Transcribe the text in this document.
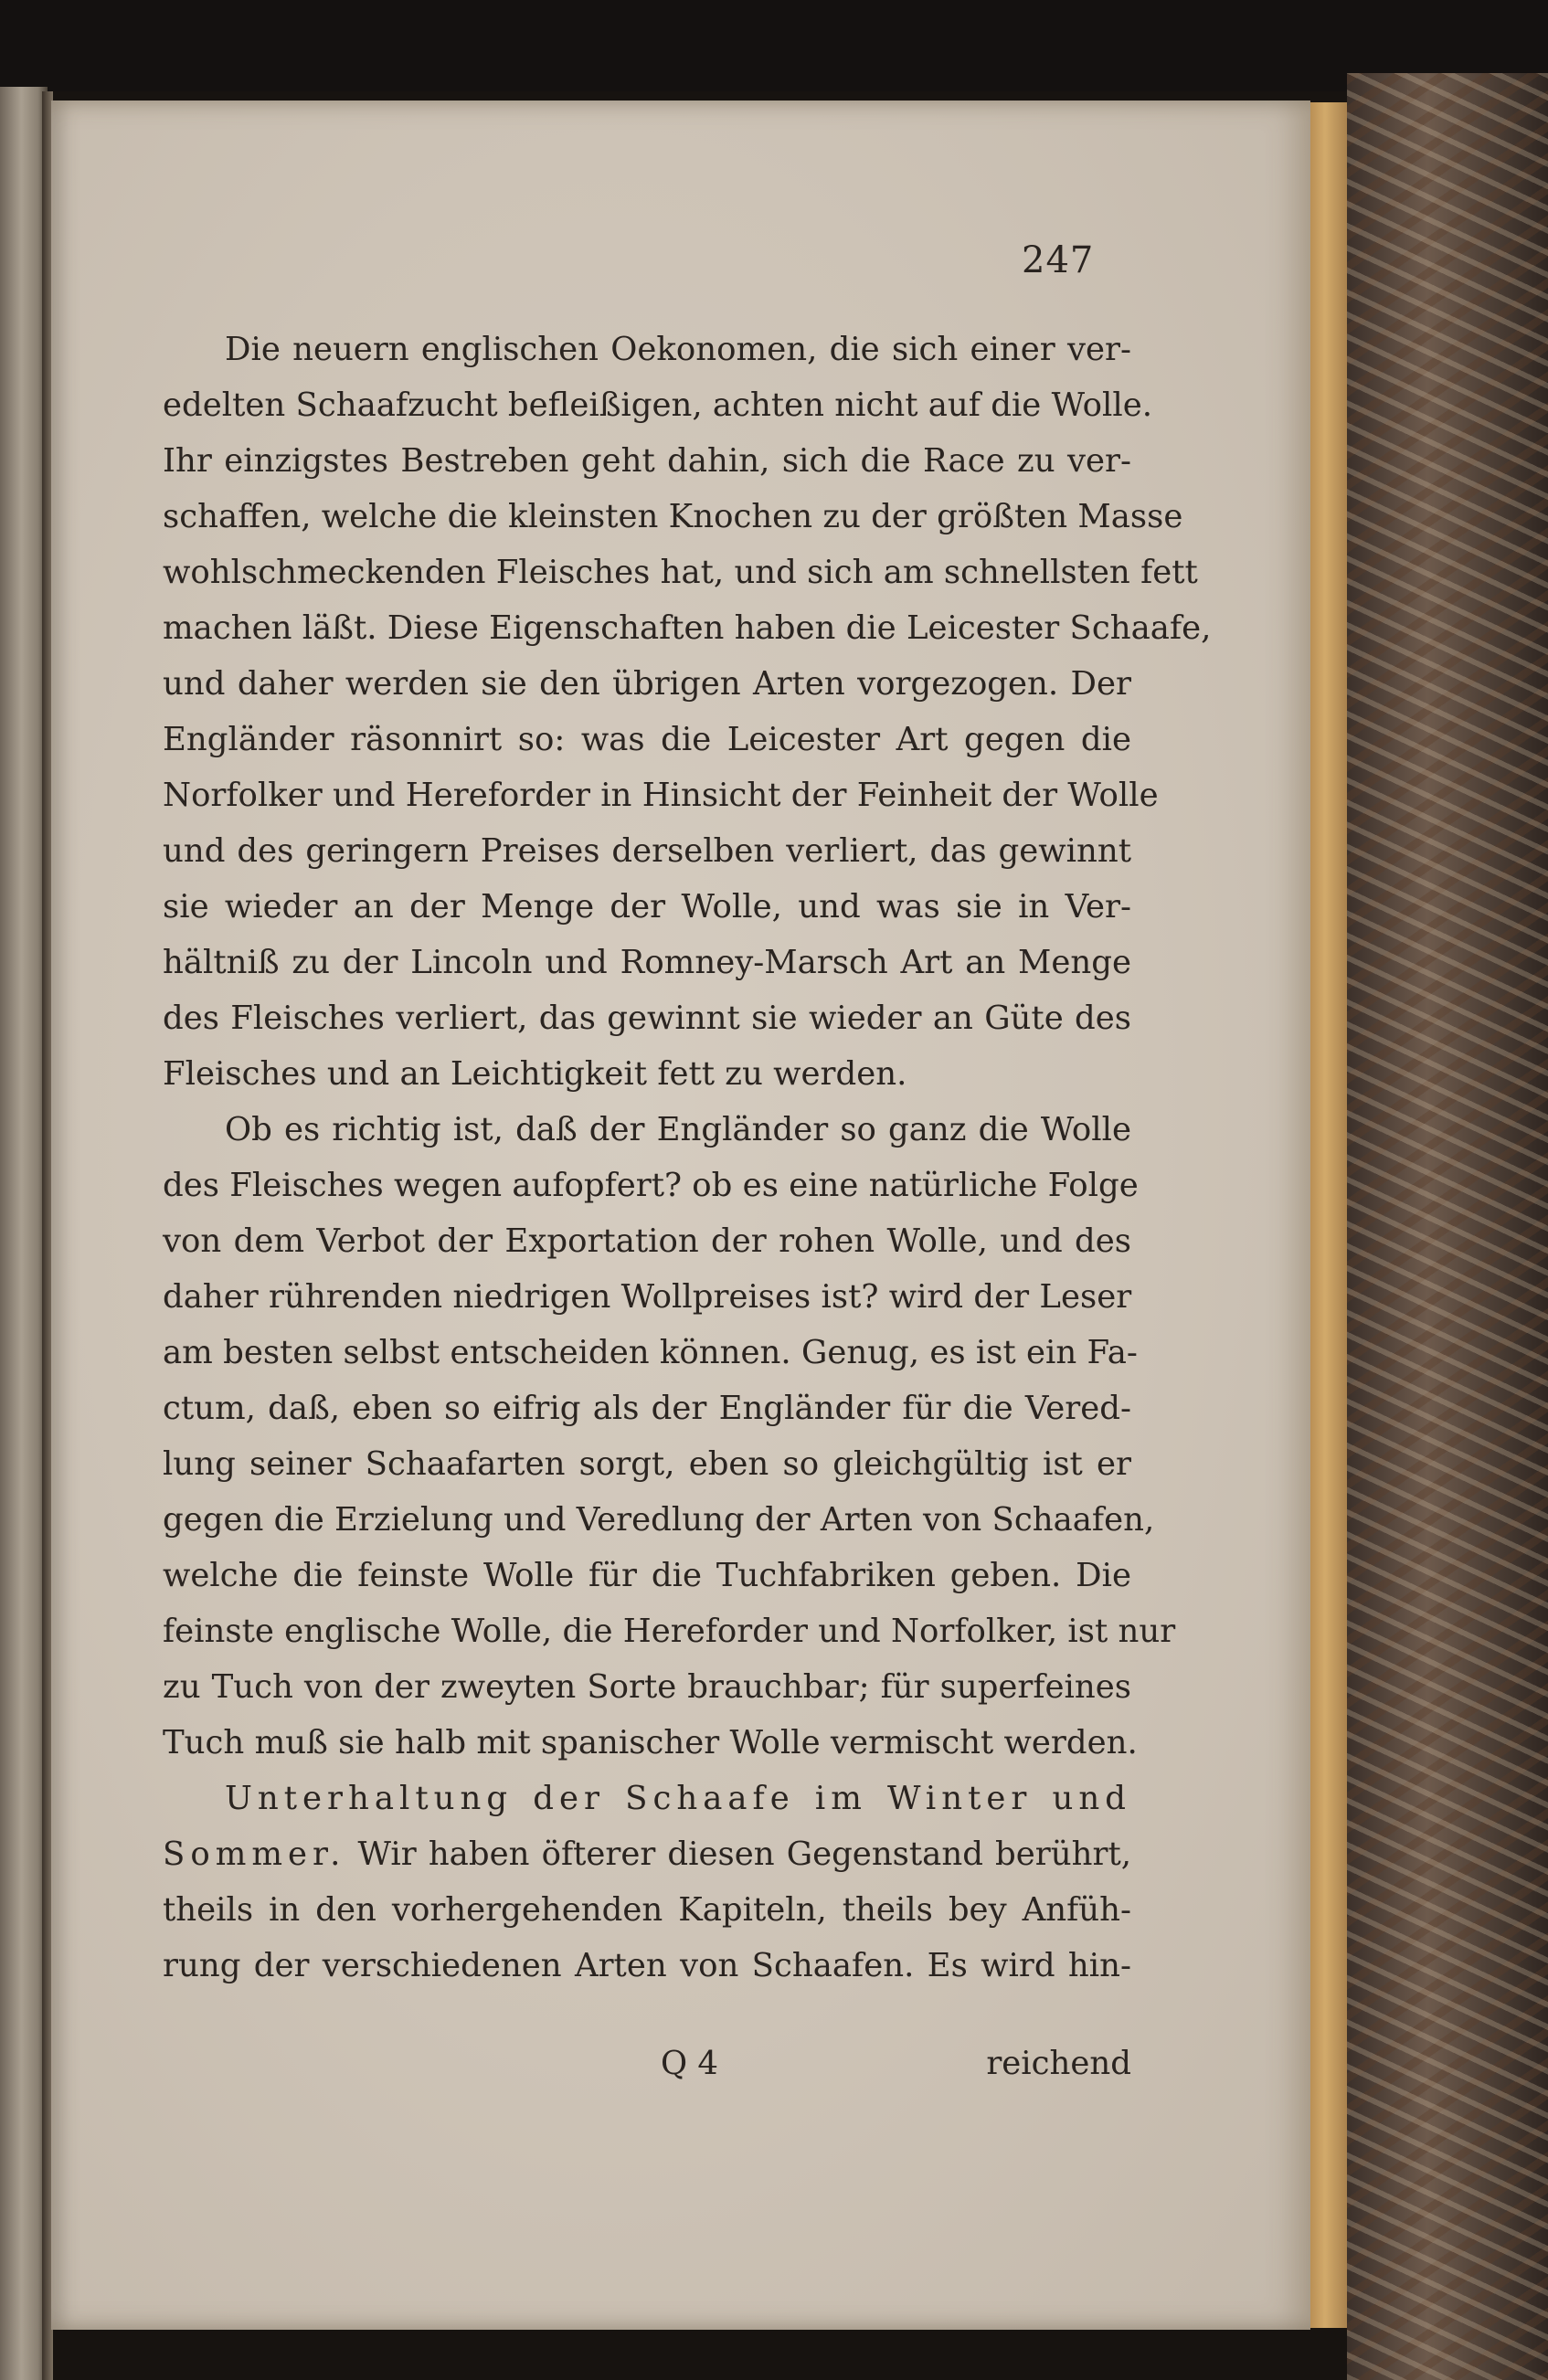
247
Die neuern englischen Oekonomen, die sich einer ver-
edelten Schaafzucht befleißigen, achten nicht auf die Wolle.
Ihr einzigstes Bestreben geht dahin, sich die Race zu ver-
schaffen, welche die kleinsten Knochen zu der größten Masse
wohlschmeckenden Fleisches hat, und sich am schnellsten fett
machen läßt. Diese Eigenschaften haben die Leicester Schaafe,
und daher werden sie den übrigen Arten vorgezogen. Der
Engländer räsonnirt so: was die Leicester Art gegen die
Norfolker und Hereforder in Hinsicht der Feinheit der Wolle
und des geringern Preises derselben verliert, das gewinnt
sie wieder an der Menge der Wolle, und was sie in Ver-
hältniß zu der Lincoln und Romney-Marsch Art an Menge
des Fleisches verliert, das gewinnt sie wieder an Güte des
Fleisches und an Leichtigkeit fett zu werden.
Ob es richtig ist, daß der Engländer so ganz die Wolle
des Fleisches wegen aufopfert? ob es eine natürliche Folge
von dem Verbot der Exportation der rohen Wolle, und des
daher rührenden niedrigen Wollpreises ist? wird der Leser
am besten selbst entscheiden können. Genug, es ist ein Fa-
ctum, daß, eben so eifrig als der Engländer für die Vered-
lung seiner Schaafarten sorgt, eben so gleichgültig ist er
gegen die Erzielung und Veredlung der Arten von Schaafen,
welche die feinste Wolle für die Tuchfabriken geben. Die
feinste englische Wolle, die Hereforder und Norfolker, ist nur
zu Tuch von der zweyten Sorte brauchbar; für superfeines
Tuch muß sie halb mit spanischer Wolle vermischt werden.
Unterhaltung der Schaafe im Winter und
Sommer. Wir haben öfterer diesen Gegenstand berührt,
theils in den vorhergehenden Kapiteln, theils bey Anfüh-
rung der verschiedenen Arten von Schaafen. Es wird hin-
Q 4	reichend
